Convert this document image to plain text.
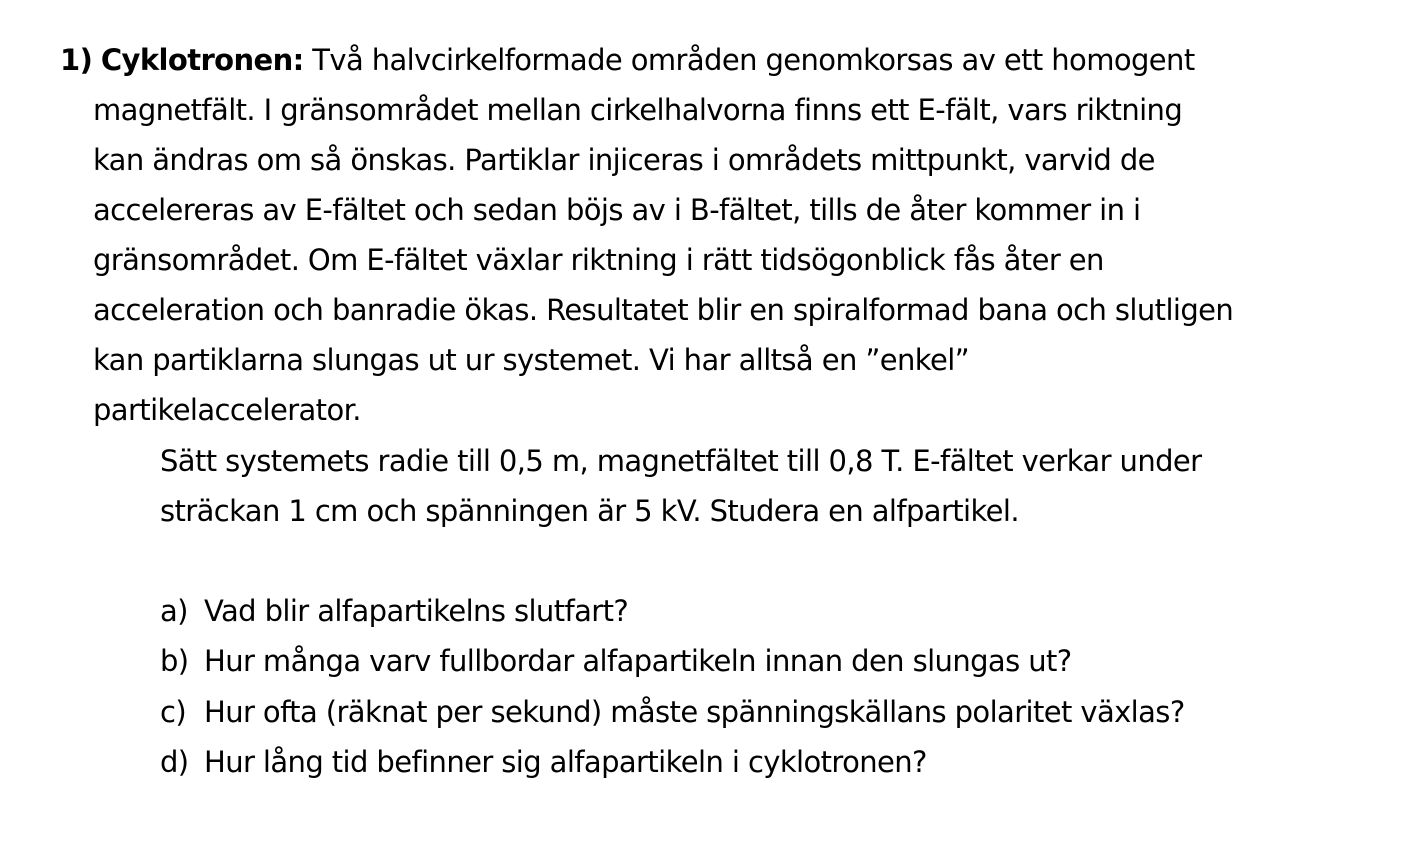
1) Cyklotronen: Två halvcirkelformade områden genomkorsas av ett homogent
magnetfält. I gränsområdet mellan cirkelhalvorna finns ett E-fält, vars riktning
kan ändras om så önskas. Partiklar injiceras i områdets mittpunkt, varvid de
accelereras av E-fältet och sedan böjs av i B-fältet, tills de åter kommer in i
gränsområdet. Om E-fältet växlar riktning i rätt tidsögonblick fås åter en
acceleration och banradie ökas. Resultatet blir en spiralformad bana och slutligen
kan partiklarna slungas ut ur systemet. Vi har alltså en ”enkel”
partikelaccelerator.
Sätt systemets radie till 0,5 m, magnetfältet till 0,8 T. E-fältet verkar under
sträckan 1 cm och spänningen är 5 kV. Studera en alfpartikel.
a) Vad blir alfapartikelns slutfart?
b) Hur många varv fullbordar alfapartikeln innan den slungas ut?
c) Hur ofta (räknat per sekund) måste spänningskällans polaritet växlas?
d) Hur lång tid befinner sig alfapartikeln i cyklotronen?
